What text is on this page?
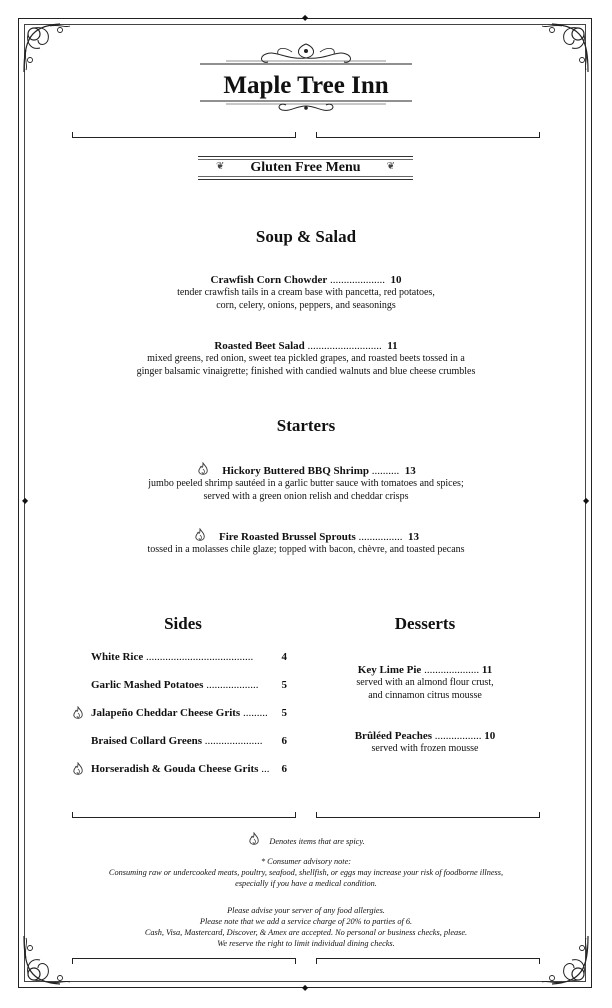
◆	◆
◆
◆
Maple Tree Inn
❦	Gluten Free Menu	❦
Soup & Salad
Crawfish Corn Chowder .................... 10
tender crawfish tails in a cream base with pancetta, red potatoes,
corn, celery, onions, peppers, and seasonings
Roasted Beet Salad ........................... 11
mixed greens, red onion, sweet tea pickled grapes, and roasted beets tossed in a
ginger balsamic vinaigrette; finished with candied walnuts and blue cheese crumbles
Starters
Hickory Buttered BBQ Shrimp .......... 13
jumbo peeled shrimp sautéed in a garlic butter sauce with tomatoes and spices;
served with a green onion relish and cheddar crisps
Fire Roasted Brussel Sprouts ................ 13
tossed in a molasses chile glaze; topped with bacon, chèvre, and toasted pecans
Sides
White Rice .......................................	4
Garlic Mashed Potatoes ................... 5
Jalapeño Cheddar Cheese Grits ......... 5
Braised Collard Greens ..................... 6
Horseradish & Gouda Cheese Grits ... 6
Desserts
Key Lime Pie .................... 11
served with an almond flour crust,
and cinnamon citrus mousse
Brûléed Peaches ................. 10
served with frozen mousse
Denotes items that are spicy.
* Consumer advisory note:
Consuming raw or undercooked meats, poultry, seafood, shellfish, or eggs may increase your risk of foodborne illness,
especially if you have a medical condition.
Please advise your server of any food allergies.
Please note that we add a service charge of 20% to parties of 6.
Cash, Visa, Mastercard, Discover, & Amex are accepted. No personal or business checks, please.
We reserve the right to limit individual dining checks.
